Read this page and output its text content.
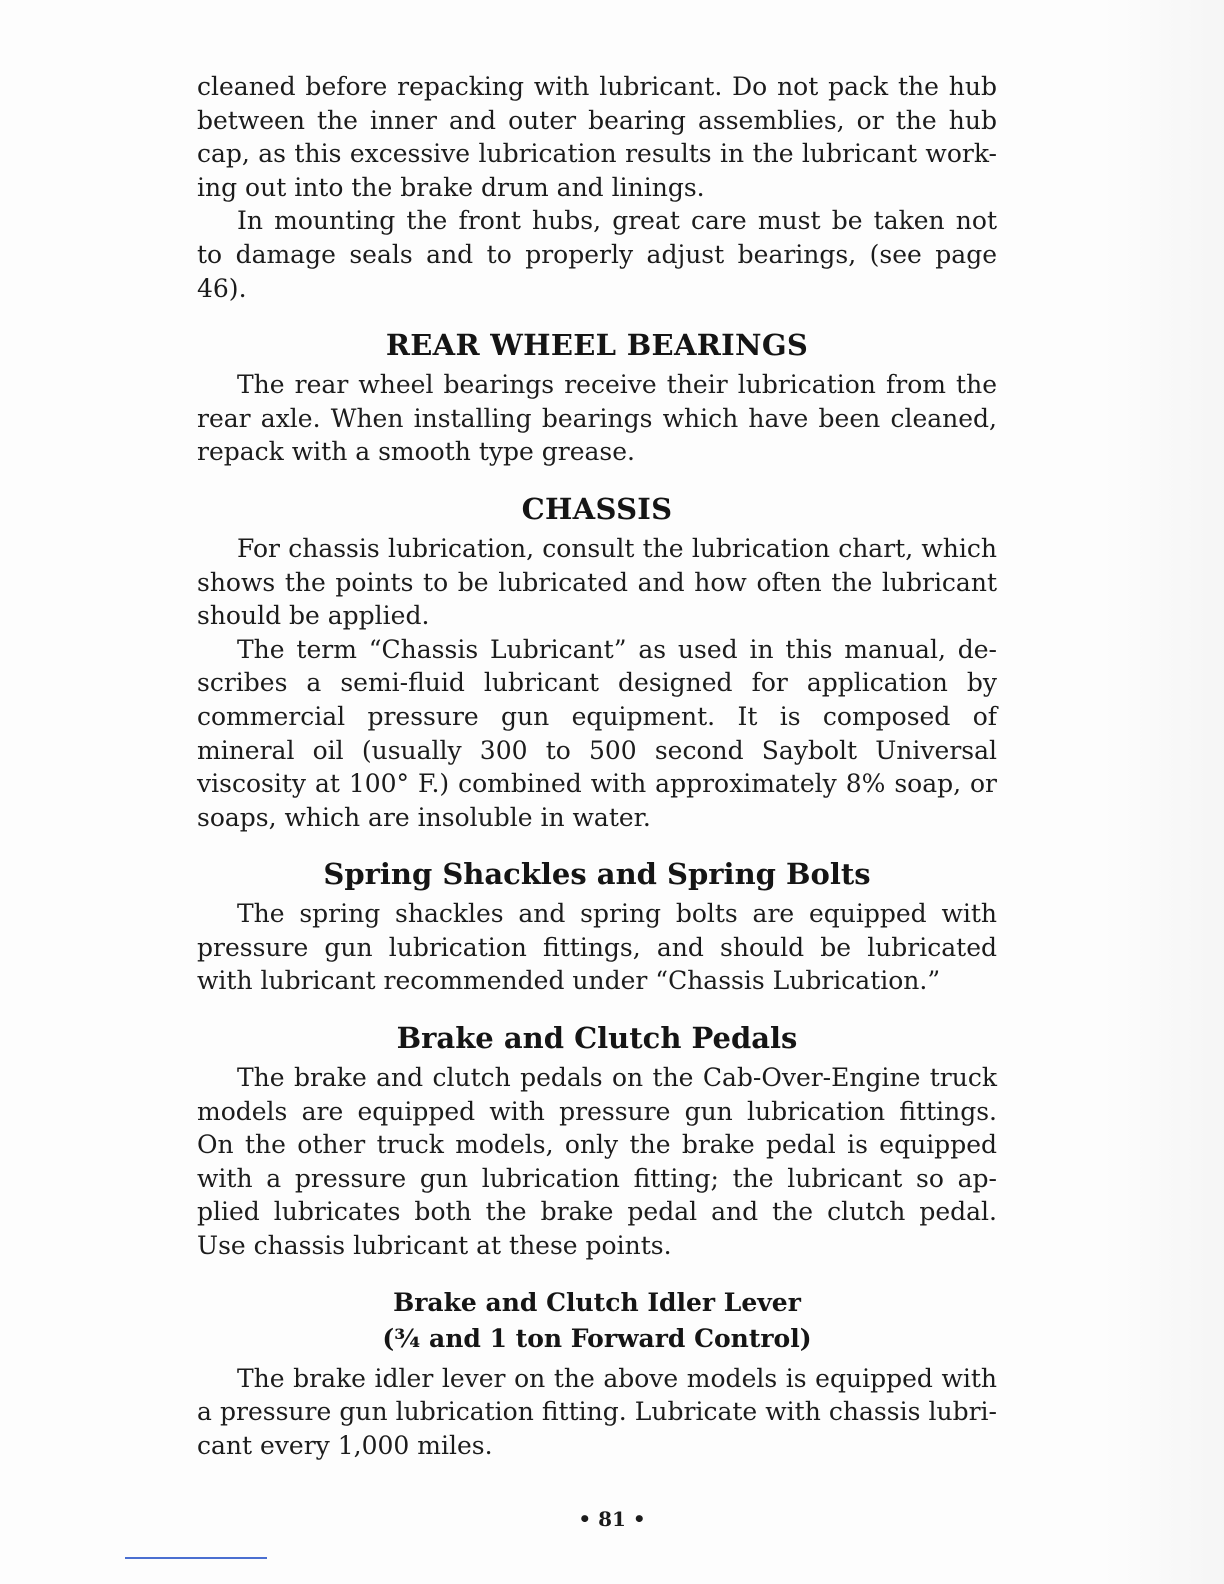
cleaned before repacking with lubricant. Do not pack the hub between the inner and outer bearing assemblies, or the hub cap, as this excessive lubrication results in the lubricant work-ing out into the brake drum and linings.

In mounting the front hubs, great care must be taken not to damage seals and to properly adjust bearings, (see page 46).

REAR WHEEL BEARINGS

The rear wheel bearings receive their lubrication from the rear axle. When installing bearings which have been cleaned, repack with a smooth type grease.

CHASSIS

For chassis lubrication, consult the lubrication chart, which shows the points to be lubricated and how often the lubricant should be applied.

The term “Chassis Lubricant” as used in this manual, de-scribes a semi-fluid lubricant designed for application by commercial pressure gun equipment. It is composed of mineral oil (usually 300 to 500 second Saybolt Universal viscosity at 100° F.) combined with approximately 8% soap, or soaps, which are insoluble in water.

Spring Shackles and Spring Bolts

The spring shackles and spring bolts are equipped with pressure gun lubrication fittings, and should be lubricated with lubricant recommended under “Chassis Lubrication.”

Brake and Clutch Pedals

The brake and clutch pedals on the Cab-Over-Engine truck models are equipped with pressure gun lubrication fittings. On the other truck models, only the brake pedal is equipped with a pressure gun lubrication fitting; the lubricant so ap-plied lubricates both the brake pedal and the clutch pedal. Use chassis lubricant at these points.

Brake and Clutch Idler Lever
(¾ and 1 ton Forward Control)

The brake idler lever on the above models is equipped with a pressure gun lubrication fitting. Lubricate with chassis lubri-cant every 1,000 miles.

• 81 •
